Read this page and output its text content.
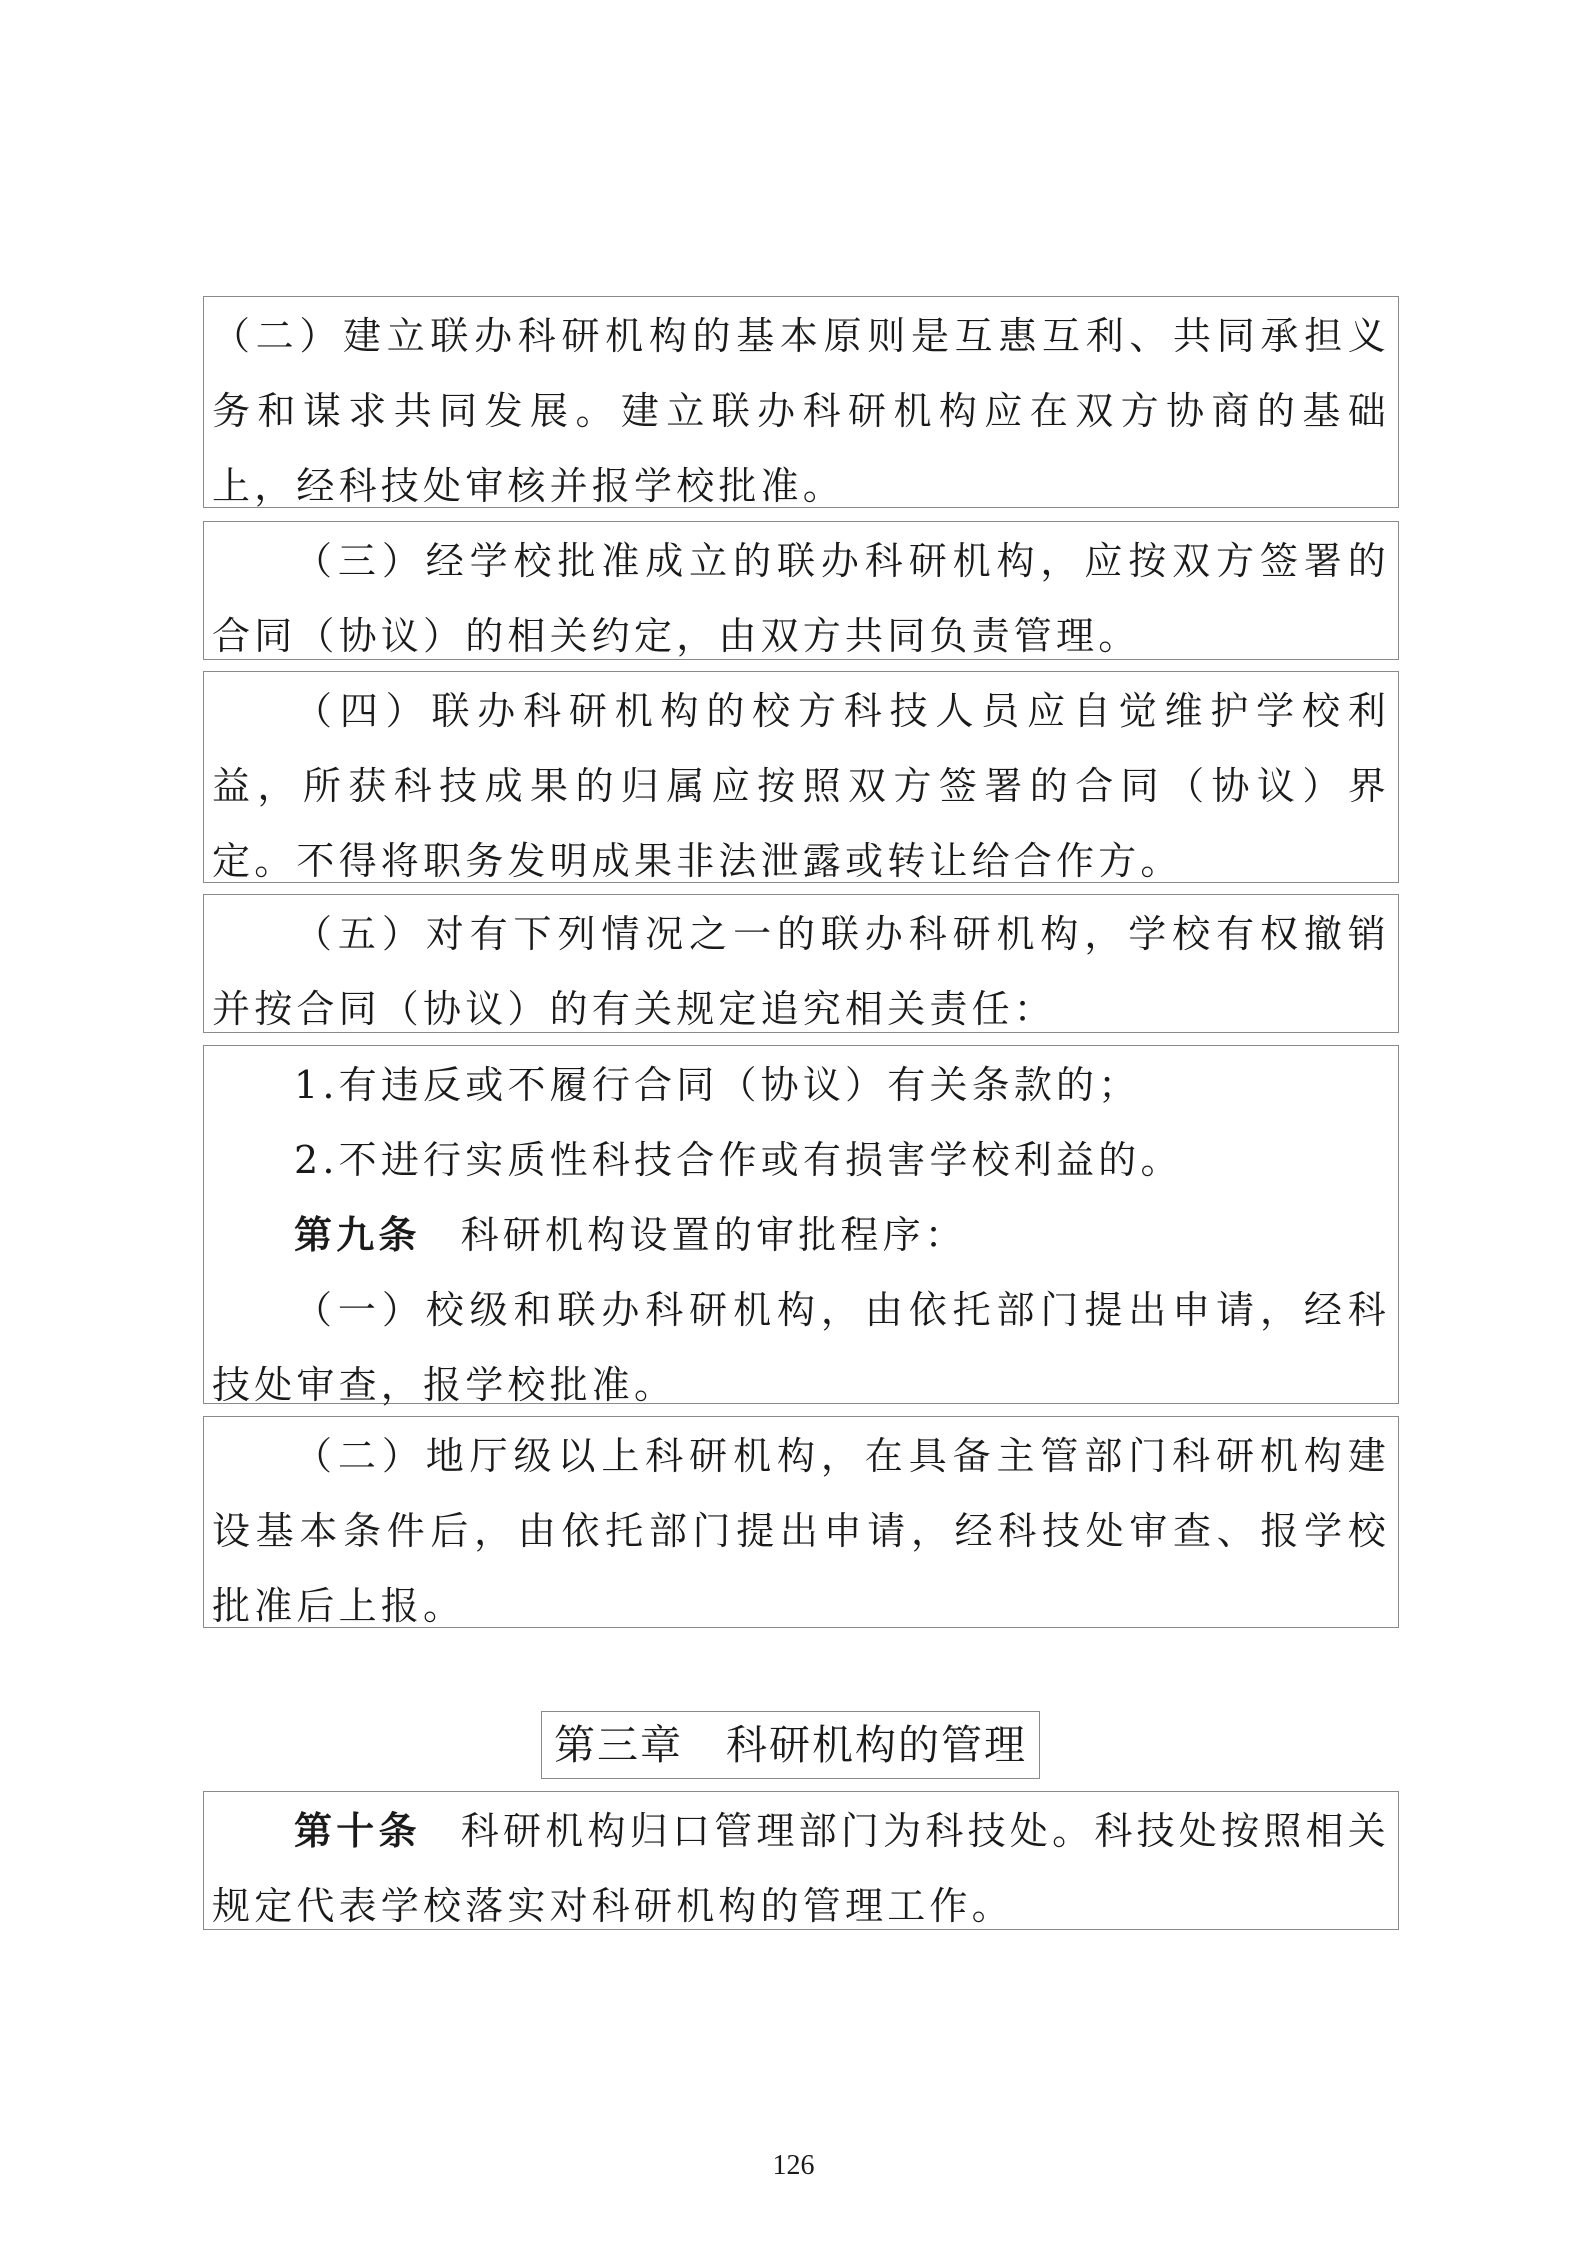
（二）建立联办科研机构的基本原则是互惠互利、共同承担义务和谋求共同发展。建立联办科研机构应在双方协商的基础上，经科技处审核并报学校批准。

（三）经学校批准成立的联办科研机构，应按双方签署的合同（协议）的相关约定，由双方共同负责管理。

（四）联办科研机构的校方科技人员应自觉维护学校利益，所获科技成果的归属应按照双方签署的合同（协议）界定。不得将职务发明成果非法泄露或转让给合作方。

（五）对有下列情况之一的联办科研机构，学校有权撤销并按合同（协议）的有关规定追究相关责任：

1.有违反或不履行合同（协议）有关条款的；

2.不进行实质性科技合作或有损害学校利益的。

第九条 科研机构设置的审批程序：

（一）校级和联办科研机构，由依托部门提出申请，经科技处审查，报学校批准。

（二）地厅级以上科研机构，在具备主管部门科研机构建设基本条件后，由依托部门提出申请，经科技处审查、报学校批准后上报。

第三章　科研机构的管理

第十条 科研机构归口管理部门为科技处。科技处按照相关规定代表学校落实对科研机构的管理工作。

126
